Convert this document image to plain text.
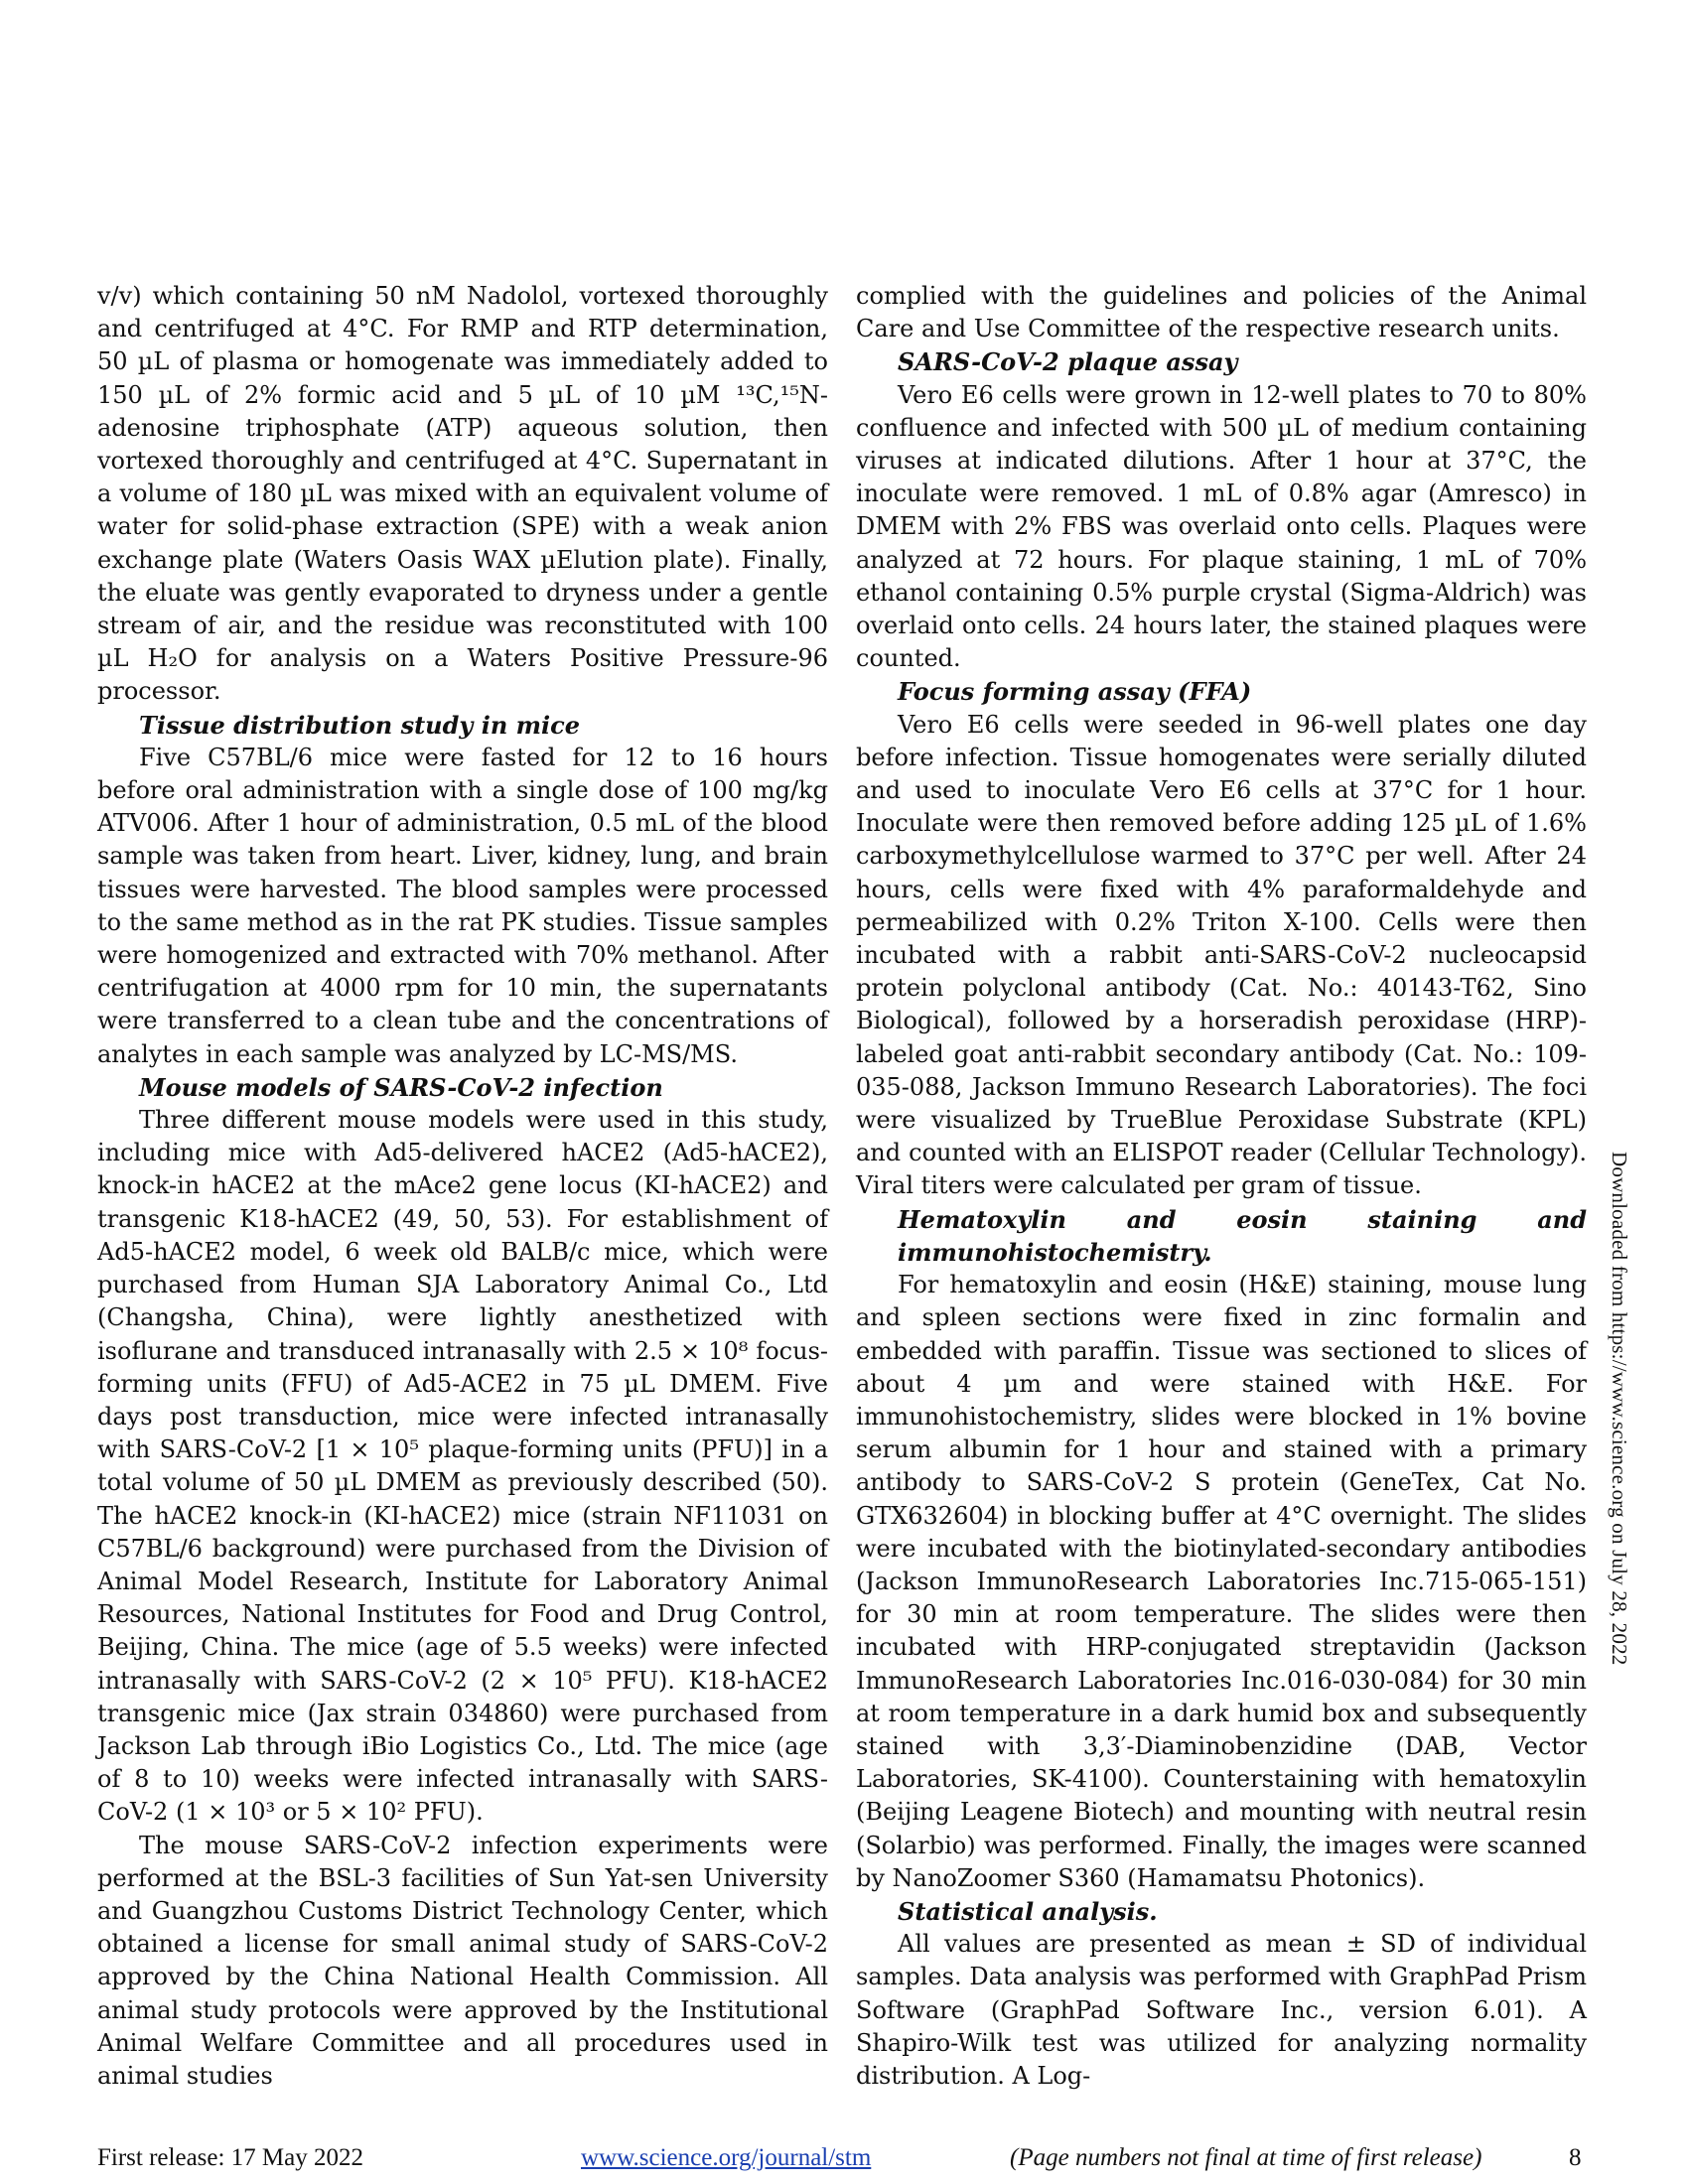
v/v) which containing 50 nM Nadolol, vortexed thoroughly and centrifuged at 4°C. For RMP and RTP determination, 50 µL of plasma or homogenate was immediately added to 150 µL of 2% formic acid and 5 µL of 10 µM ¹³C,¹⁵N-adenosine triphosphate (ATP) aqueous solution, then vortexed thoroughly and centrifuged at 4°C. Supernatant in a volume of 180 µL was mixed with an equivalent volume of water for solid-phase extraction (SPE) with a weak anion exchange plate (Waters Oasis WAX µElution plate). Finally, the eluate was gently evaporated to dryness under a gentle stream of air, and the residue was reconstituted with 100 µL H₂O for analysis on a Waters Positive Pressure-96 processor.

Tissue distribution study in mice

Five C57BL/6 mice were fasted for 12 to 16 hours before oral administration with a single dose of 100 mg/kg ATV006. After 1 hour of administration, 0.5 mL of the blood sample was taken from heart. Liver, kidney, lung, and brain tissues were harvested. The blood samples were processed to the same method as in the rat PK studies. Tissue samples were homogenized and extracted with 70% methanol. After centrifugation at 4000 rpm for 10 min, the supernatants were transferred to a clean tube and the concentrations of analytes in each sample was analyzed by LC-MS/MS.

Mouse models of SARS-CoV-2 infection

Three different mouse models were used in this study, including mice with Ad5-delivered hACE2 (Ad5-hACE2), knock-in hACE2 at the mAce2 gene locus (KI-hACE2) and transgenic K18-hACE2 (49, 50, 53). For establishment of Ad5-hACE2 model, 6 week old BALB/c mice, which were purchased from Human SJA Laboratory Animal Co., Ltd (Changsha, China), were lightly anesthetized with isoflurane and transduced intranasally with 2.5 × 10⁸ focus-forming units (FFU) of Ad5-ACE2 in 75 µL DMEM. Five days post transduction, mice were infected intranasally with SARS-CoV-2 [1 × 10⁵ plaque-forming units (PFU)] in a total volume of 50 µL DMEM as previously described (50). The hACE2 knock-in (KI-hACE2) mice (strain NF11031 on C57BL/6 background) were purchased from the Division of Animal Model Research, Institute for Laboratory Animal Resources, National Institutes for Food and Drug Control, Beijing, China. The mice (age of 5.5 weeks) were infected intranasally with SARS-CoV-2 (2 × 10⁵ PFU). K18-hACE2 transgenic mice (Jax strain 034860) were purchased from Jackson Lab through iBio Logistics Co., Ltd. The mice (age of 8 to 10) weeks were infected intranasally with SARS-CoV-2 (1 × 10³ or 5 × 10² PFU).

The mouse SARS-CoV-2 infection experiments were performed at the BSL-3 facilities of Sun Yat-sen University and Guangzhou Customs District Technology Center, which obtained a license for small animal study of SARS-CoV-2 approved by the China National Health Commission. All animal study protocols were approved by the Institutional Animal Welfare Committee and all procedures used in animal studies

complied with the guidelines and policies of the Animal Care and Use Committee of the respective research units.

SARS-CoV-2 plaque assay

Vero E6 cells were grown in 12-well plates to 70 to 80% confluence and infected with 500 µL of medium containing viruses at indicated dilutions. After 1 hour at 37°C, the inoculate were removed. 1 mL of 0.8% agar (Amresco) in DMEM with 2% FBS was overlaid onto cells. Plaques were analyzed at 72 hours. For plaque staining, 1 mL of 70% ethanol containing 0.5% purple crystal (Sigma-Aldrich) was overlaid onto cells. 24 hours later, the stained plaques were counted.

Focus forming assay (FFA)

Vero E6 cells were seeded in 96-well plates one day before infection. Tissue homogenates were serially diluted and used to inoculate Vero E6 cells at 37°C for 1 hour. Inoculate were then removed before adding 125 µL of 1.6% carboxymethylcellulose warmed to 37°C per well. After 24 hours, cells were fixed with 4% paraformaldehyde and permeabilized with 0.2% Triton X-100. Cells were then incubated with a rabbit anti-SARS-CoV-2 nucleocapsid protein polyclonal antibody (Cat. No.: 40143-T62, Sino Biological), followed by a horseradish peroxidase (HRP)-labeled goat anti-rabbit secondary antibody (Cat. No.: 109-035-088, Jackson Immuno Research Laboratories). The foci were visualized by TrueBlue Peroxidase Substrate (KPL) and counted with an ELISPOT reader (Cellular Technology). Viral titers were calculated per gram of tissue.

Hematoxylin and eosin staining and immunohistochemistry.

For hematoxylin and eosin (H&E) staining, mouse lung and spleen sections were fixed in zinc formalin and embedded with paraffin. Tissue was sectioned to slices of about 4 µm and were stained with H&E. For immunohistochemistry, slides were blocked in 1% bovine serum albumin for 1 hour and stained with a primary antibody to SARS-CoV-2 S protein (GeneTex, Cat No. GTX632604) in blocking buffer at 4°C overnight. The slides were incubated with the biotinylated-secondary antibodies (Jackson ImmunoResearch Laboratories Inc.715-065-151) for 30 min at room temperature. The slides were then incubated with HRP-conjugated streptavidin (Jackson ImmunoResearch Laboratories Inc.016-030-084) for 30 min at room temperature in a dark humid box and subsequently stained with 3,3′-Diaminobenzidine (DAB, Vector Laboratories, SK-4100). Counterstaining with hematoxylin (Beijing Leagene Biotech) and mounting with neutral resin (Solarbio) was performed. Finally, the images were scanned by NanoZoomer S360 (Hamamatsu Photonics).

Statistical analysis.

All values are presented as mean ± SD of individual samples. Data analysis was performed with GraphPad Prism Software (GraphPad Software Inc., version 6.01). A Shapiro-Wilk test was utilized for analyzing normality distribution. A Log-

Downloaded from https://www.science.org on July 28, 2022
First release: 17 May 2022	www.science.org/journal/stm	(Page numbers not final at time of first release)	8
